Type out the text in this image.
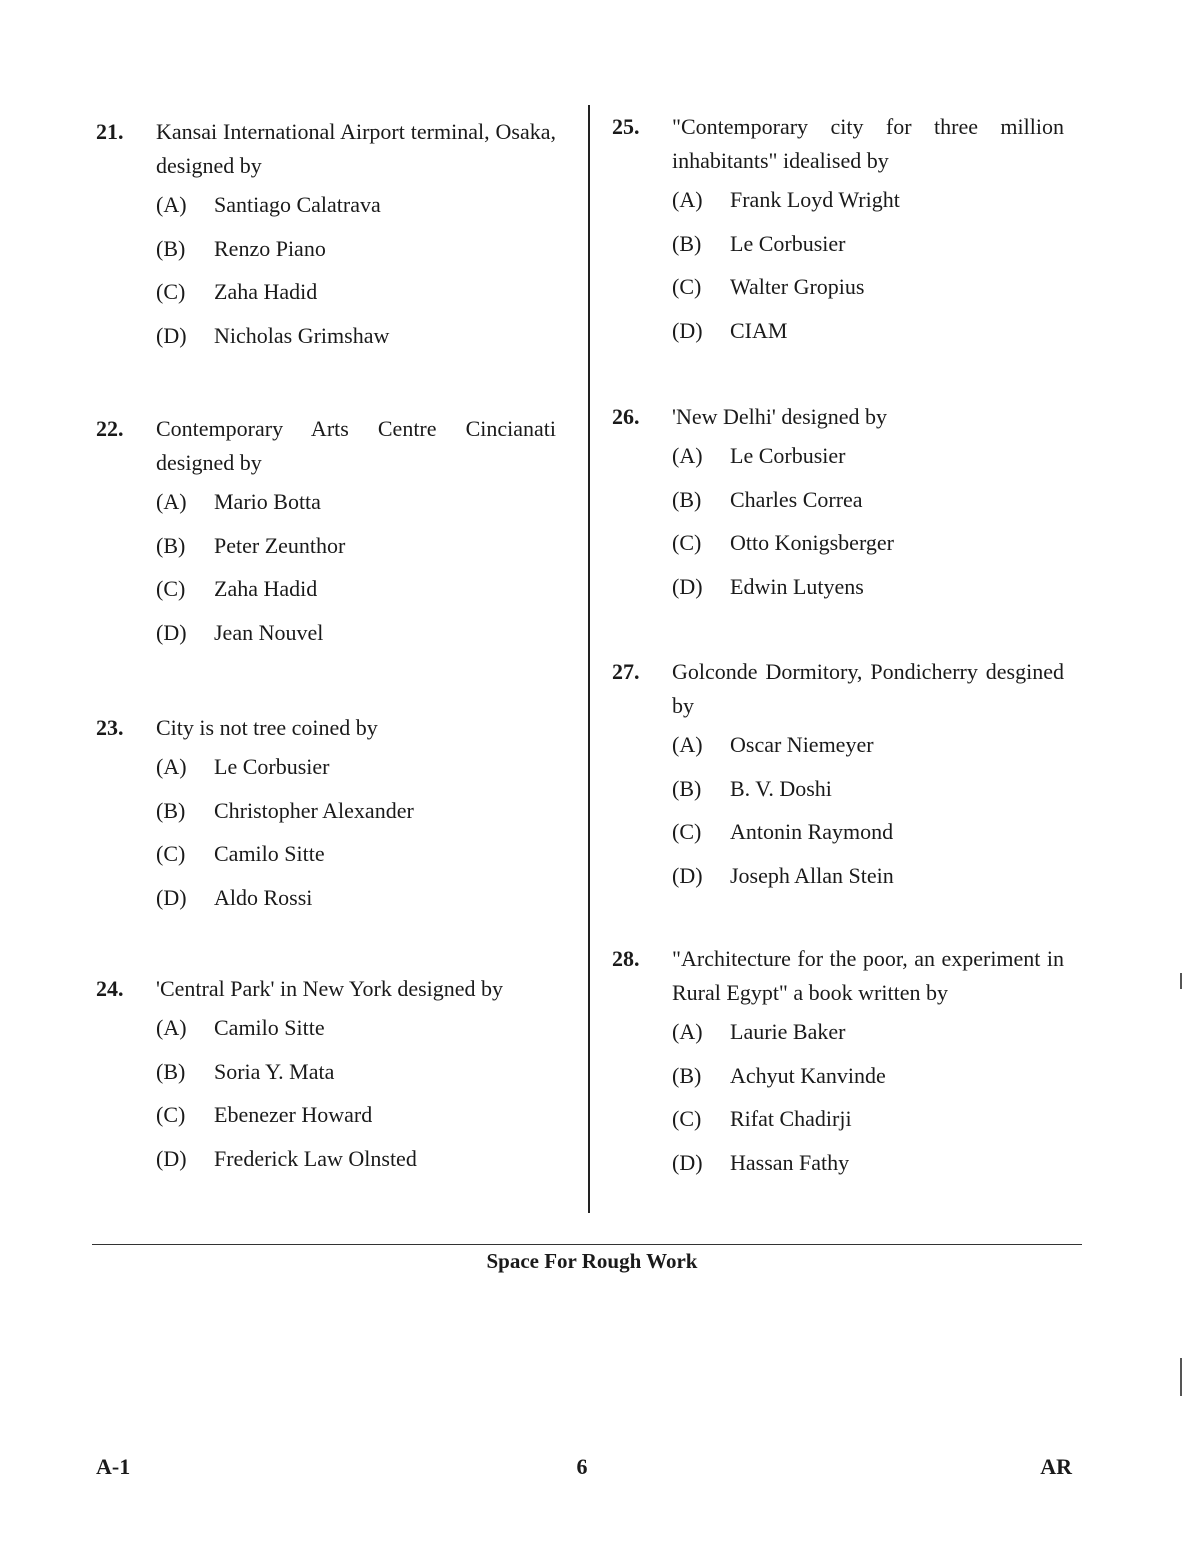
21. Kansai International Airport terminal, Osaka, designed by
(A)	Santiago Calatrava
(B)	Renzo Piano
(C)	Zaha Hadid
(D)	Nicholas Grimshaw
22. Contemporary Arts Centre Cincianati designed by
(A)	Mario Botta
(B)	Peter Zeunthor
(C)	Zaha Hadid
(D)	Jean Nouvel
23. City is not tree coined by
(A)	Le Corbusier
(B)	Christopher Alexander
(C)	Camilo Sitte
(D)	Aldo Rossi
24. 'Central Park' in New York designed by
(A)	Camilo Sitte
(B)	Soria Y. Mata
(C)	Ebenezer Howard
(D)	Frederick Law Olnsted
25. "Contemporary city for three million inhabitants" idealised by
(A)	Frank Loyd Wright
(B)	Le Corbusier
(C)	Walter Gropius
(D)	CIAM
26. 'New Delhi' designed by
(A)	Le Corbusier
(B)	Charles Correa
(C)	Otto Konigsberger
(D)	Edwin Lutyens
27. Golconde Dormitory, Pondicherry desgined by
(A)	Oscar Niemeyer
(B)	B. V. Doshi
(C)	Antonin Raymond
(D)	Joseph Allan Stein
28. "Architecture for the poor, an experiment in Rural Egypt" a book written by
(A)	Laurie Baker
(B)	Achyut Kanvinde
(C)	Rifat Chadirji
(D)	Hassan Fathy
Space For Rough Work
A-1	6	AR
